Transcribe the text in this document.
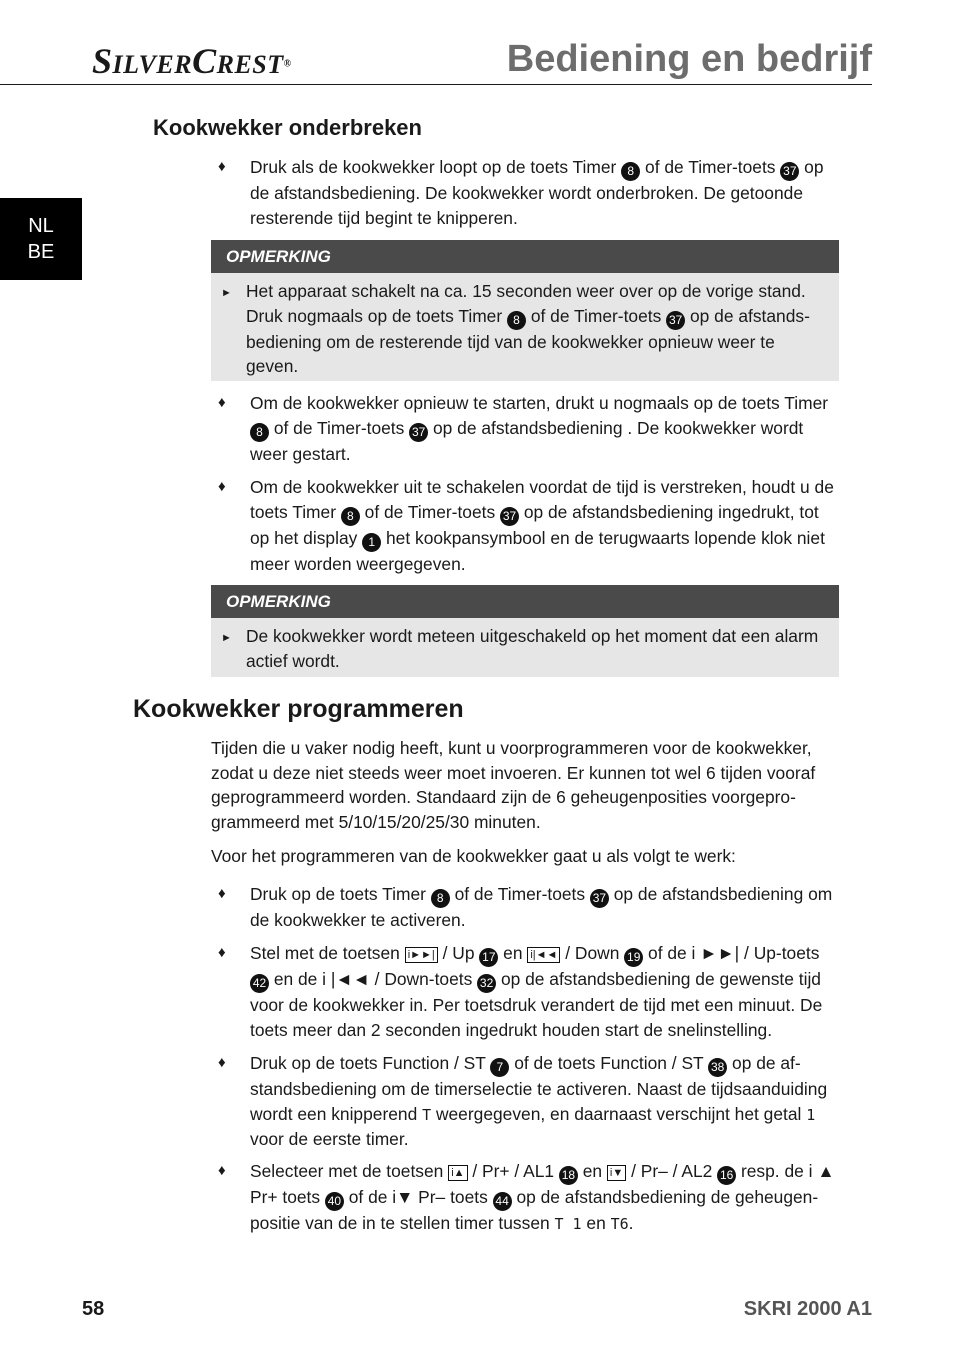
SILVERCREST®	Bediening en bedrijf
NL
BE
Kookwekker onderbreken
♦ Druk als de kookwekker loopt op de toets Timer 8 of de Timer-toets 37 op de afstandsbediening. De kookwekker wordt onderbroken. De getoonde resterende tijd begint te knipperen.
OPMERKING
► Het apparaat schakelt na ca. 15 seconden weer over op de vorige stand. Druk nogmaals op de toets Timer 8 of de Timer-toets 37 op de afstandsbediening om de resterende tijd van de kookwekker opnieuw weer te geven.
♦ Om de kookwekker opnieuw te starten, drukt u nogmaals op de toets Timer 8 of de Timer-toets 37 op de afstandsbediening . De kookwekker wordt weer gestart.
♦ Om de kookwekker uit te schakelen voordat de tijd is verstreken, houdt u de toets Timer 8 of de Timer-toets 37 op de afstandsbediening ingedrukt, tot op het display 1 het kookpansymbool en de terugwaarts lopende klok niet meer worden weergegeven.
OPMERKING
► De kookwekker wordt meteen uitgeschakeld op het moment dat een alarm actief wordt.
Kookwekker programmeren
Tijden die u vaker nodig heeft, kunt u voorprogrammeren voor de kookwekker, zodat u deze niet steeds weer moet invoeren. Er kunnen tot wel 6 tijden vooraf geprogrammeerd worden. Standaard zijn de 6 geheugenposities voorgeprogrammeerd met 5/10/15/20/25/30 minuten.
Voor het programmeren van de kookwekker gaat u als volgt te werk:
♦ Druk op de toets Timer 8 of de Timer-toets 37 op de afstandsbediening om de kookwekker te activeren.
♦ Stel met de toetsen i►►| / Up 17 en i|◄◄ / Down 19 of de i ►►| / Up-toets 42 en de i |◄◄ / Down-toets 32 op de afstandsbediening de gewenste tijd voor de kookwekker in. Per toetsdruk verandert de tijd met een minuut. De toets meer dan 2 seconden ingedrukt houden start de snelinstelling.
♦ Druk op de toets Function / ST 7 of de toets Function / ST 38 op de afstandsbediening om de timerselectie te activeren. Naast de tijdsaanduiding wordt een knipperend T weergegeven, en daarnaast verschijnt het getal 1 voor de eerste timer.
♦ Selecteer met de toetsen i▲ / Pr+ / AL1 18 en i▼ / Pr– / AL2 16 resp. de i ▲ Pr+ toets 40 of de i▼ Pr– toets 44 op de afstandsbediening de geheugenpositie van de in te stellen timer tussen T 1 en T6.
58	SKRI 2000 A1
